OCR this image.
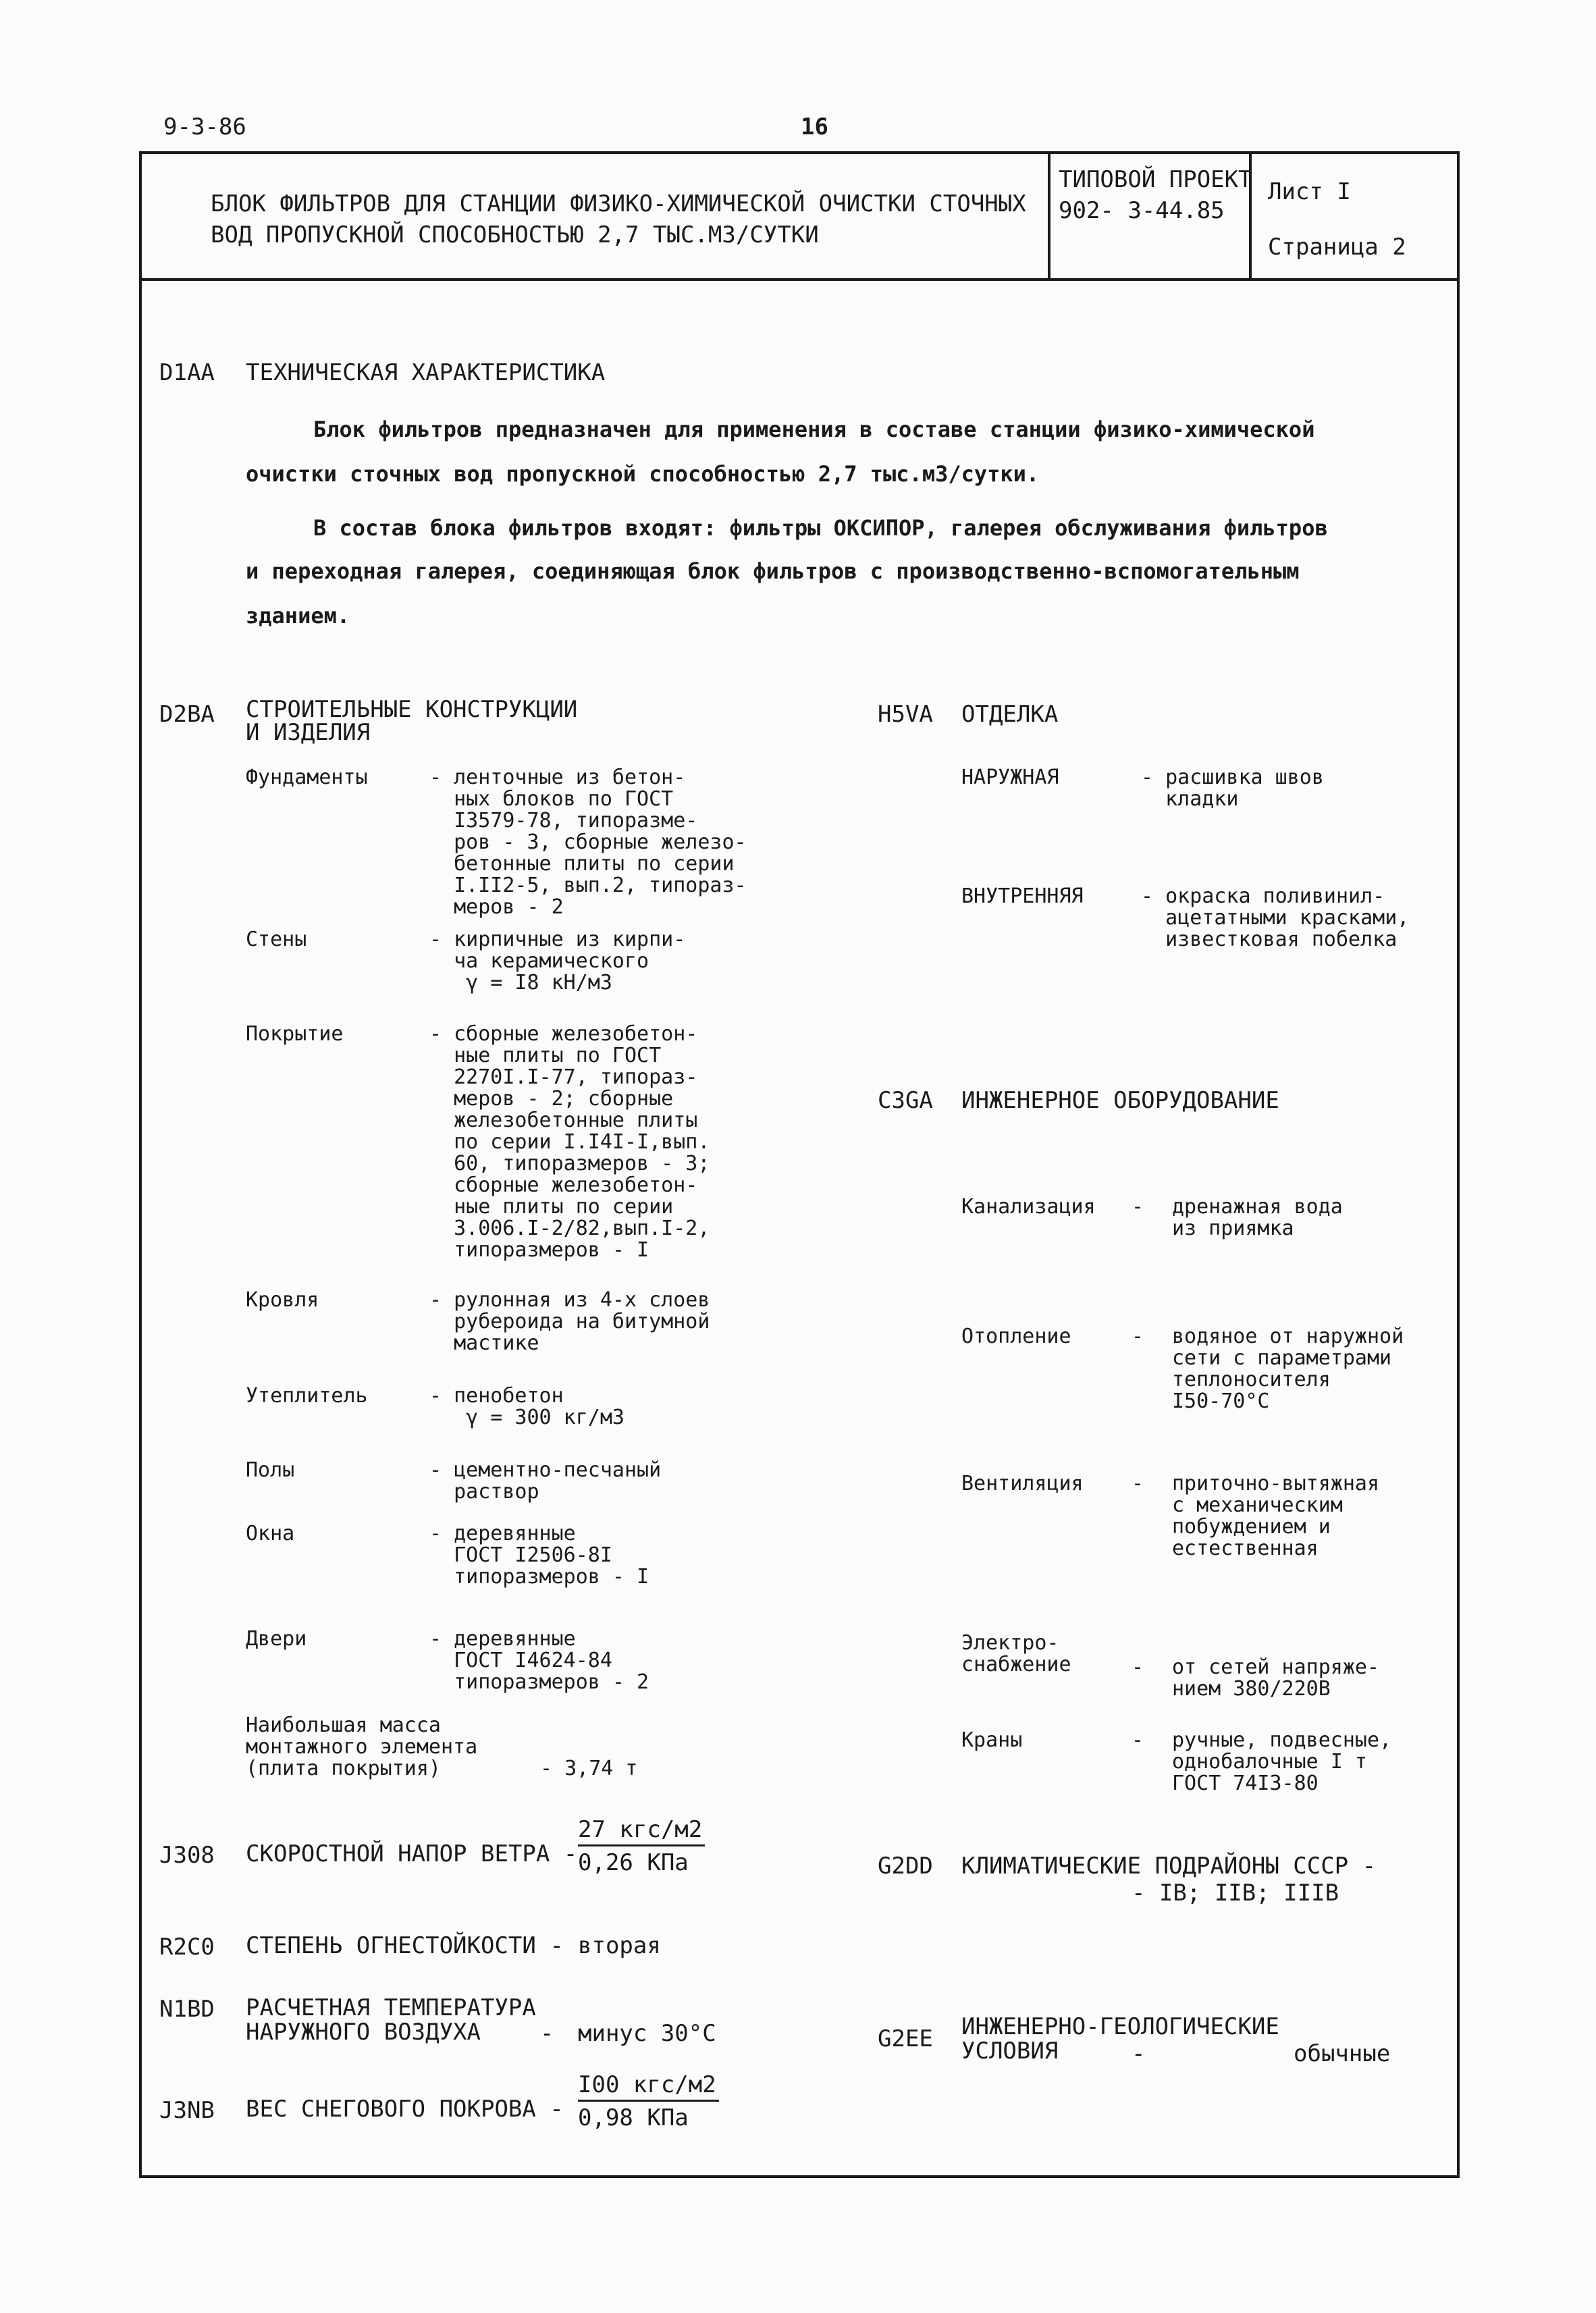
9-3-86	16
БЛОК ФИЛЬТРОВ ДЛЯ СТАНЦИИ ФИЗИКО-ХИМИЧЕСКОЙ ОЧИСТКИ СТОЧНЫХ
ВОД ПРОПУСКНОЙ СПОСОБНОСТЬЮ 2,7 ТЫС.М3/СУТКИ
ТИПОВОЙ ПРОЕКТ
902- 3-44.85
Лист I
Страница 2
D1AA ТЕХНИЧЕСКАЯ ХАРАКТЕРИСТИКА
Блок фильтров предназначен для применения в составе станции физико-химической
очистки сточных вод пропускной способностью 2,7 тыс.м3/сутки.
В состав блока фильтров входят: фильтры ОКСИПОР, галерея обслуживания фильтров
и переходная галерея, соединяющая блок фильтров с производственно-вспомогательным
зданием.
D2BA СТРОИТЕЛЬНЫЕ КОНСТРУКЦИИ
И ИЗДЕЛИЯ
Фундаменты	- ленточные из бетон-
ных блоков по ГОСТ
I3579-78, типоразме-
ров - 3, сборные железо-
бетонные плиты по серии
I.II2-5, вып.2, типораз-
меров - 2
Стены	- кирпичные из кирпи-
ча керамического
γ = I8 кН/м3
Покрытие	- сборные железобетон-
ные плиты по ГОСТ
2270I.I-77, типораз-
меров - 2; сборные
железобетонные плиты
по серии I.I4I-I,вып.
60, типоразмеров - 3;
сборные железобетон-
ные плиты по серии
3.006.I-2/82,вып.I-2,
типоразмеров - I
Кровля	- рулонная из 4-х слоев
рубероида на битумной
мастике
Утеплитель	- пенобетон
γ = 300 кг/м3
Полы	- цементно-песчаный
раствор
Окна	- деревянные
ГОСТ I2506-8I
типоразмеров - I
Двери	- деревянные
ГОСТ I4624-84
типоразмеров - 2
Наибольшая масса
монтажного элемента
(плита покрытия)	- 3,74 т
H5VA ОТДЕЛКА
НАРУЖНАЯ	- расшивка швов
кладки
ВНУТРЕННЯЯ	- окраска поливинил-
ацетатными красками,
известковая побелка
C3GA ИНЖЕНЕРНОЕ ОБОРУДОВАНИЕ
Канализация - дренажная вода
из приямка
Отопление	- водяное от наружной
сети с параметрами
теплоносителя
I50-70°С
Вентиляция - приточно-вытяжная
с механическим
побуждением и
естественная
Электро-
снабжение	- от сетей напряже-
нием 380/220В
Краны	- ручные, подвесные,
однобалочные I т
ГОСТ 74I3-80
J308 СКОРОСТНОЙ НАПОР ВЕТРА -
27 кгс/м2
0,26 КПа
R2C0 СТЕПЕНЬ ОГНЕСТОЙКОСТИ - вторая
N1BD РАСЧЕТНАЯ ТЕМПЕРАТУРА
НАРУЖНОГО ВОЗДУХА	- минус 30°С
J3NB ВЕС СНЕГОВОГО ПОКРОВА -
I00 кгс/м2
0,98 КПа
G2DD КЛИМАТИЧЕСКИЕ ПОДРАЙОНЫ СССР -
- IВ; IIВ; IIIВ
G2EE ИНЖЕНЕРНО-ГЕОЛОГИЧЕСКИЕ
УСЛОВИЯ	-	обычные
